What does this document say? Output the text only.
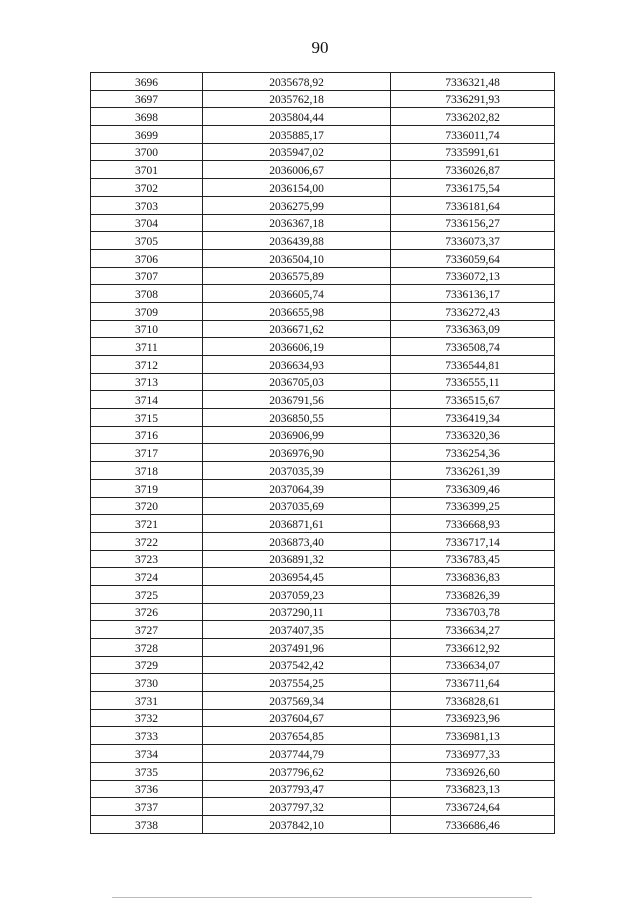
90
3696	2035678,92	7336321,48
3697	2035762,18	7336291,93
3698	2035804,44	7336202,82
3699	2035885,17	7336011,74
3700	2035947,02	7335991,61
3701	2036006,67	7336026,87
3702	2036154,00	7336175,54
3703	2036275,99	7336181,64
3704	2036367,18	7336156,27
3705	2036439,88	7336073,37
3706	2036504,10	7336059,64
3707	2036575,89	7336072,13
3708	2036605,74	7336136,17
3709	2036655,98	7336272,43
3710	2036671,62	7336363,09
3711	2036606,19	7336508,74
3712	2036634,93	7336544,81
3713	2036705,03	7336555,11
3714	2036791,56	7336515,67
3715	2036850,55	7336419,34
3716	2036906,99	7336320,36
3717	2036976,90	7336254,36
3718	2037035,39	7336261,39
3719	2037064,39	7336309,46
3720	2037035,69	7336399,25
3721	2036871,61	7336668,93
3722	2036873,40	7336717,14
3723	2036891,32	7336783,45
3724	2036954,45	7336836,83
3725	2037059,23	7336826,39
3726	2037290,11	7336703,78
3727	2037407,35	7336634,27
3728	2037491,96	7336612,92
3729	2037542,42	7336634,07
3730	2037554,25	7336711,64
3731	2037569,34	7336828,61
3732	2037604,67	7336923,96
3733	2037654,85	7336981,13
3734	2037744,79	7336977,33
3735	2037796,62	7336926,60
3736	2037793,47	7336823,13
3737	2037797,32	7336724,64
3738	2037842,10	7336686,46
